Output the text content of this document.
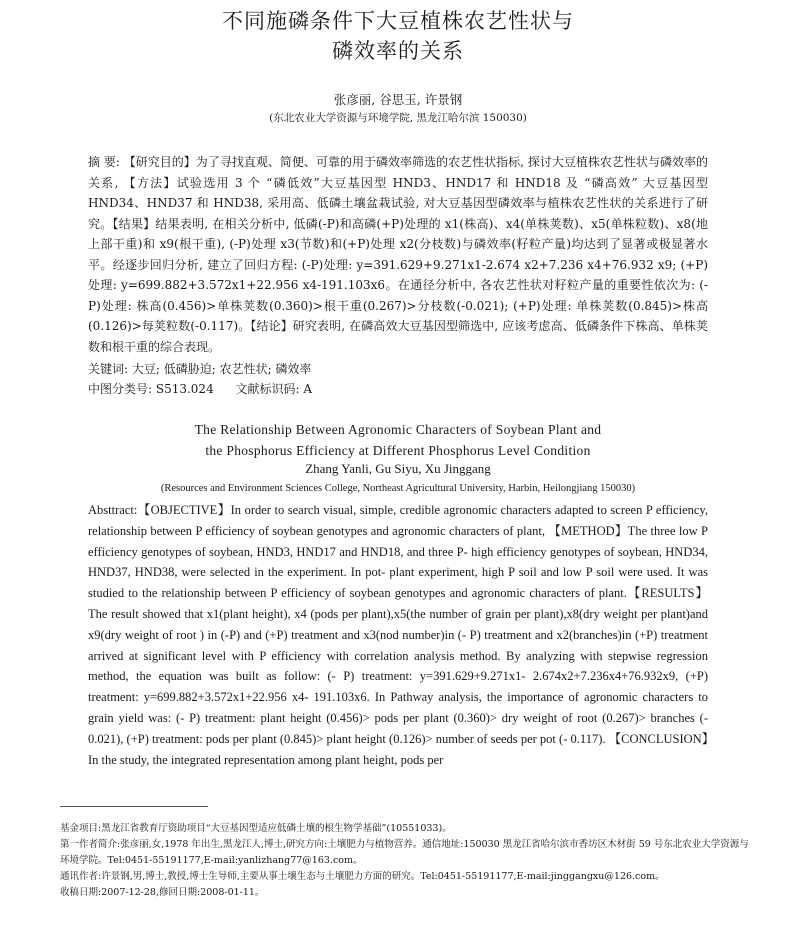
不同施磷条件下大豆植株农艺性状与
磷效率的关系
张彦丽, 谷思玉, 许景钢
(东北农业大学资源与环境学院, 黑龙江哈尔滨 150030)

摘 要: 【研究目的】为了寻找直观、简便、可靠的用于磷效率筛选的农艺性状指标, 探讨大豆植株农艺性状与磷效率的关系, 【方法】试验选用 3 个 “磷低效”大豆基因型 HND3、HND17 和 HND18 及 “磷高效” 大豆基因型 HND34、HND37 和 HND38, 采用高、低磷土壤盆栽试验, 对大豆基因型磷效率与植株农艺性状的关系进行了研究。【结果】结果表明, 在相关分析中, 低磷(-P)和高磷(+P)处理的 x1(株高)、x4(单株荚数)、x5(单株粒数)、x8(地上部干重)和 x9(根干重), (-P)处理 x3(节数)和(+P)处理 x2(分枝数)与磷效率(籽粒产量)均达到了显著或极显著水平。经逐步回归分析, 建立了回归方程: (-P)处理: y=391.629+9.271x1-2.674 x2+7.236 x4+76.932 x9; (+P)处理: y=699.882+3.572x1+22.956 x4-191.103x6。在通径分析中, 各农艺性状对籽粒产量的重要性依次为: (-P)处理: 株高(0.456)>单株荚数(0.360)>根干重(0.267)>分枝数(-0.021); (+P)处理: 单株荚数(0.845)>株高(0.126)>每荚粒数(-0.117)。【结论】研究表明, 在磷高效大豆基因型筛选中, 应该考虑高、低磷条件下株高、单株荚数和根干重的综合表现。

关键词: 大豆; 低磷胁迫; 农艺性状; 磷效率
中图分类号: S513.024 文献标识码: A
The Relationship Between Agronomic Characters of Soybean Plant and
the Phosphorus Efficiency at Different Phosphorus Level Condition
Zhang Yanli, Gu Siyu, Xu Jinggang
(Resources and Environment Sciences College, Northeast Agricultural University, Harbin, Heilongjiang 150030)

Absttract:【OBJECTIVE】In order to search visual, simple, credible agronomic characters adapted to screen P efficiency, relationship between P efficiency of soybean genotypes and agronomic characters of plant, 【METHOD】The three low P efficiency genotypes of soybean, HND3, HND17 and HND18, and three P- high efficiency genotypes of soybean, HND34, HND37, HND38, were selected in the experiment. In pot- plant experiment, high P soil and low P soil were used. It was studied to the relationship between P efficiency of soybean genotypes and agronomic characters of plant.【RESULTS】The result showed that x1(plant height), x4 (pods per plant),x5(the number of grain per plant),x8(dry weight per plant)and x9(dry weight of root ) in (-P) and (+P) treatment and x3(nod number)in (- P) treatment and x2(branches)in (+P) treatment arrived at significant level with P efficiency with correlation analysis method. By analyzing with stepwise regression method, the equation was built as follow: (- P) treatment: y=391.629+9.271x1- 2.674x2+7.236x4+76.932x9, (+P) treatment: y=699.882+3.572x1+22.956 x4- 191.103x6. In Pathway analysis, the importance of agronomic characters to grain yield was: (- P) treatment: plant height (0.456)> pods per plant (0.360)> dry weight of root (0.267)> branches (- 0.021), (+P) treatment: pods per plant (0.845)> plant height (0.126)> number of seeds per pot (- 0.117). 【CONCLUSION】In the study, the integrated representation among plant height, pods per

基金项目:黑龙江省教育厅资助项目“大豆基因型适应低磷土壤的根生物学基础”(10551033)。

第一作者简介:张彦丽,女,1978 年出生,黑龙江人,博士,研究方向:土壤肥力与植物营养。通信地址:150030 黑龙江省哈尔滨市香坊区木材街 59 号东北农业大学资源与环境学院。Tel:0451-55191177,E-mail:yanlizhang77@163.com。

通讯作者:许景钢,男,博士,教授,博士生导师,主要从事土壤生态与土壤肥力方面的研究。Tel:0451-55191177,E-mail:jinggangxu@126.com。

收稿日期:2007-12-28,修回日期:2008-01-11。
